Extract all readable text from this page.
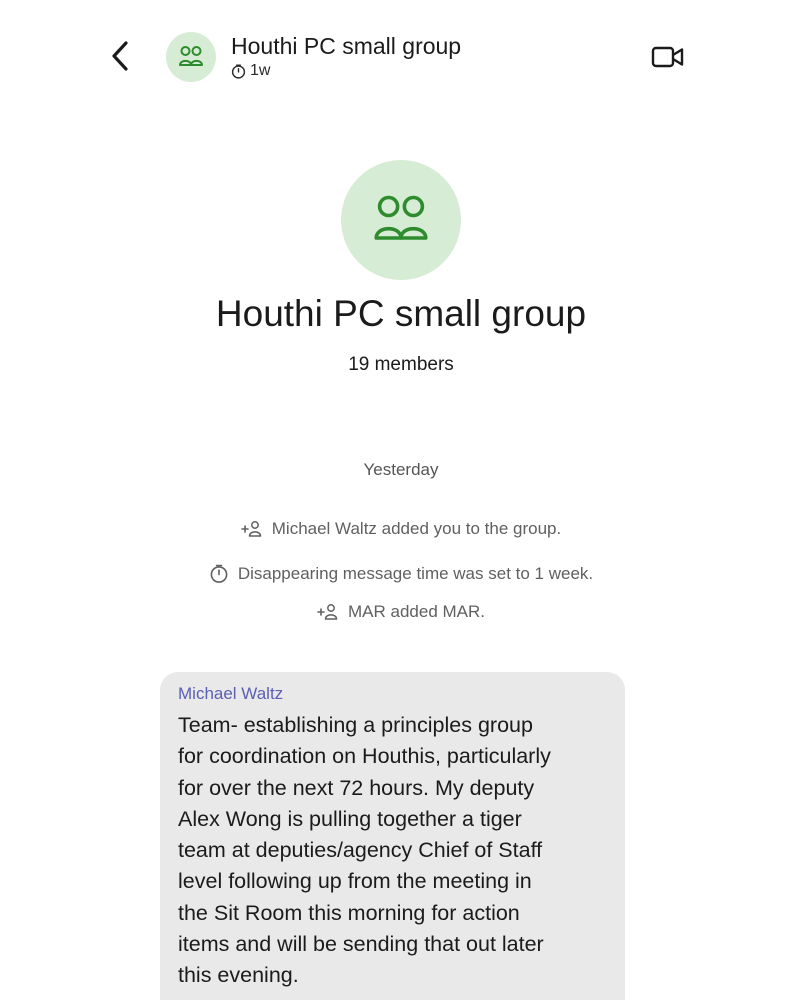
Houthi PC small group
1w
Houthi PC small group
19 members
Yesterday
Michael Waltz added you to the group.
Disappearing message time was set to 1 week.
MAR added MAR.
Michael Waltz
Team- establishing a principles group
for coordination on Houthis, particularly
for over the next 72 hours. My deputy
Alex Wong is pulling together a tiger
team at deputies/agency Chief of Staff
level following up from the meeting in
the Sit Room this morning for action
items and will be sending that out later
this evening.
